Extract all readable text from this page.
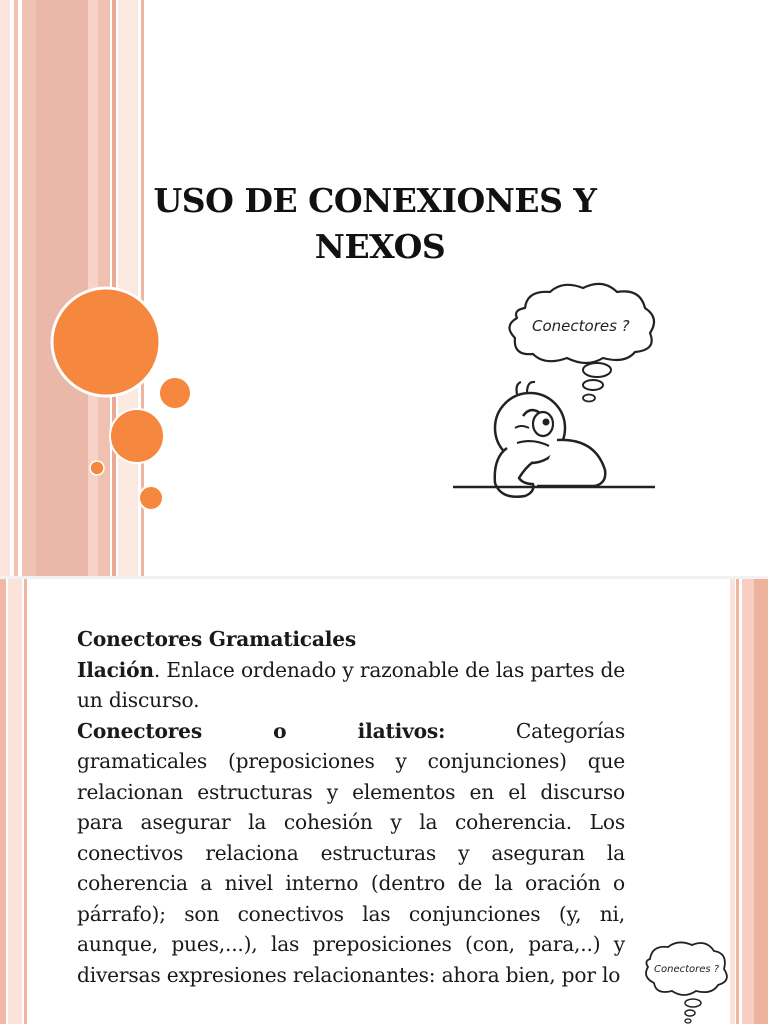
USO DE CONEXIONES Y
NEXOS
Conectores ?
Conectores Gramaticales

Ilación. Enlace ordenado y razonable de las partes de un discurso.

Conectores o ilativos:	Categorías

gramaticales (preposiciones y conjunciones) que relacionan estructuras y elementos en el discurso para asegurar la cohesión y la coherencia. Los conectivos relaciona estructuras y aseguran la coherencia a nivel interno (dentro de la oración o párrafo); son conectivos las conjunciones (y, ni, aunque, pues,...), las preposiciones (con, para,..) y diversas expresiones relacionantes: ahora bien, por lo	Conectores ?
